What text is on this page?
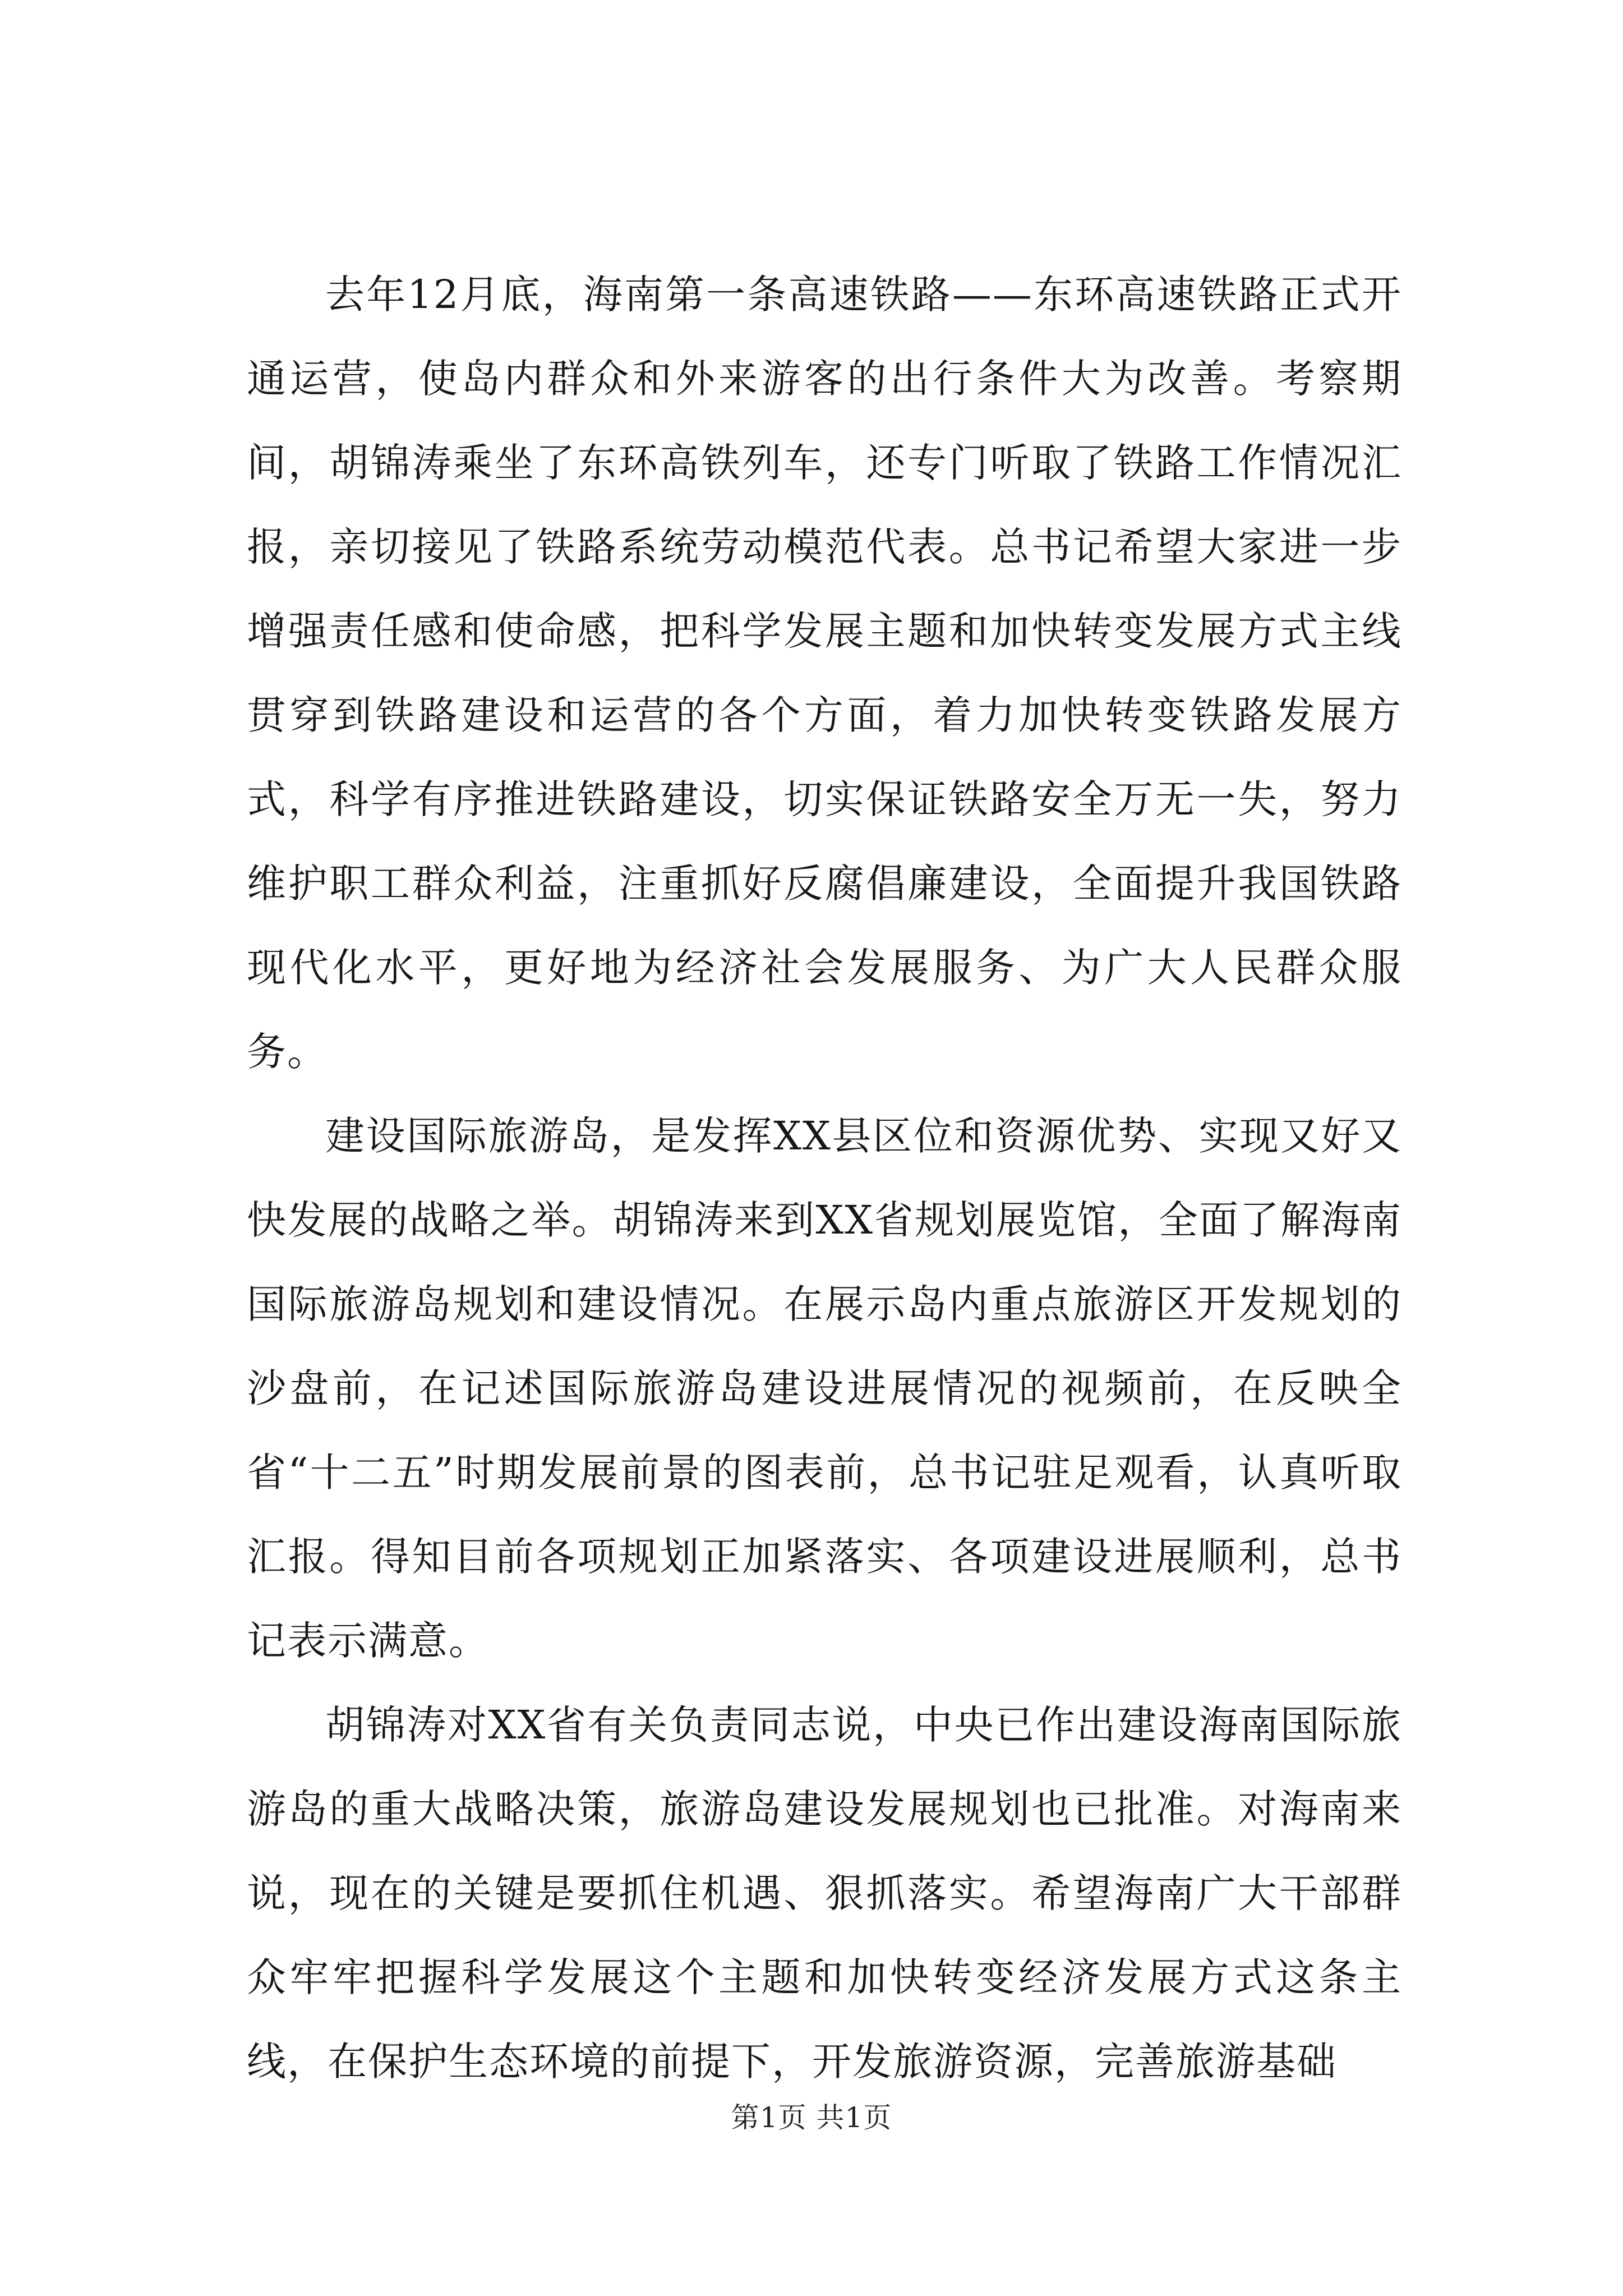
去年12月底，海南第一条高速铁路——东环高速铁路正式开通运营，使岛内群众和外来游客的出行条件大为改善。考察期间，胡锦涛乘坐了东环高铁列车，还专门听取了铁路工作情况汇报，亲切接见了铁路系统劳动模范代表。总书记希望大家进一步增强责任感和使命感，把科学发展主题和加快转变发展方式主线贯穿到铁路建设和运营的各个方面，着力加快转变铁路发展方式，科学有序推进铁路建设，切实保证铁路安全万无一失，努力维护职工群众利益，注重抓好反腐倡廉建设，全面提升我国铁路现代化水平，更好地为经济社会发展服务、为广大人民群众服务。

建设国际旅游岛，是发挥XX县区位和资源优势、实现又好又快发展的战略之举。胡锦涛来到XX省规划展览馆，全面了解海南国际旅游岛规划和建设情况。在展示岛内重点旅游区开发规划的沙盘前，在记述国际旅游岛建设进展情况的视频前，在反映全省“十二五”时期发展前景的图表前，总书记驻足观看，认真听取汇报。得知目前各项规划正加紧落实、各项建设进展顺利，总书记表示满意。

胡锦涛对XX省有关负责同志说，中央已作出建设海南国际旅游岛的重大战略决策，旅游岛建设发展规划也已批准。对海南来说，现在的关键是要抓住机遇、狠抓落实。希望海南广大干部群众牢牢把握科学发展这个主题和加快转变经济发展方式这条主线，在保护生态环境的前提下，开发旅游资源，完善旅游基础

第1页 共1页
